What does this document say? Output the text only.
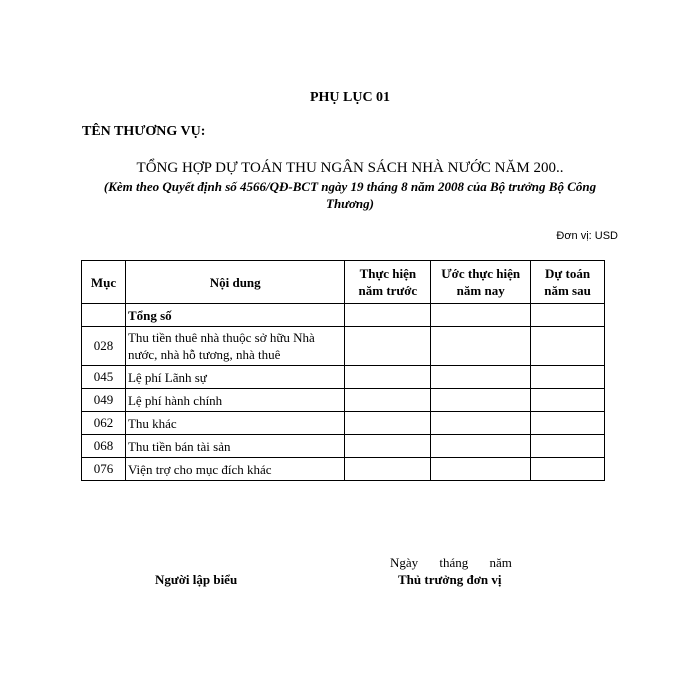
PHỤ LỤC 01
TÊN THƯƠNG VỤ:
TỔNG HỢP DỰ TOÁN THU NGÂN SÁCH NHÀ NƯỚC NĂM 200..
(Kèm theo Quyết định số 4566/QĐ-BCT ngày 19 tháng 8 năm 2008 của Bộ trưởng Bộ Công Thương)
Đơn vị: USD
Mục	Nội dung	Thực hiện năm trước	Ước thực hiện năm nay	Dự toán năm sau
	Tổng số			
028	Thu tiền thuê nhà thuộc sở hữu Nhà nước, nhà hỗ tương, nhà thuê			
045	Lệ phí Lãnh sự			
049	Lệ phí hành chính			
062	Thu khác			
068	Thu tiền bán tài sản			
076	Viện trợ cho mục đích khác			
Ngày tháng năm
Người lập biểu	Thủ trưởng đơn vị
